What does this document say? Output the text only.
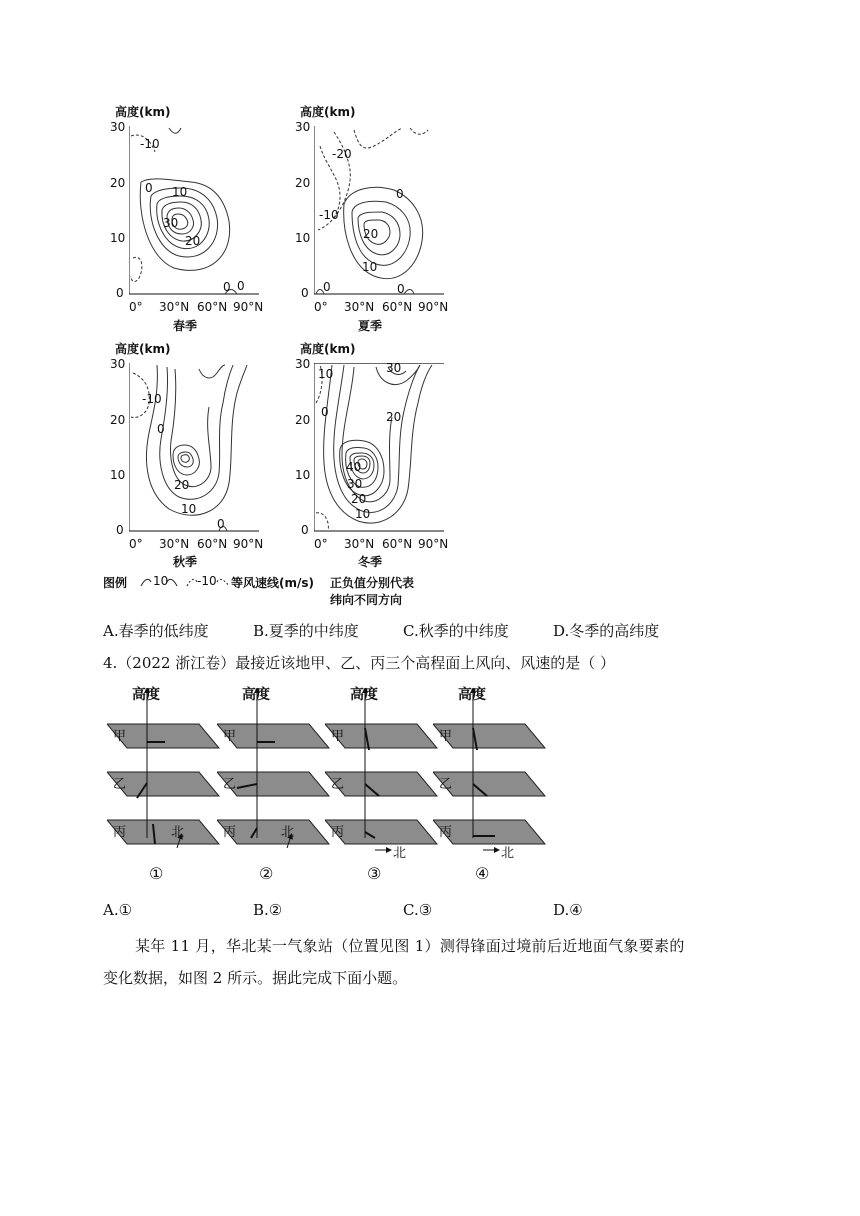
高度(km)
30
20
10
0
-10
0 10
30
20
0 0
0° 30°N 60°N 90°N
春季
高度(km)
30
20
10
0
-20
-10
0
20
10
0	0
0° 30°N 60°N 90°N
夏季
高度(km)
30
20
10
0
-10
0
20
10
0
0° 30°N 60°N 90°N
秋季
高度(km)
30
20
10
0
10	30
0	20
40
30
20
10
0° 30°N 60°N 90°N
冬季
图例 10 -10 等风速线(m/s) 正负值分别代表
纬向不同方向
A.春季的低纬度	B.夏季的中纬度	C.秋季的中纬度	D.冬季的高纬度
4.（2022 浙江卷）最接近该地甲、乙、丙三个高程面上风向、风速的是（ ）
高度
甲
乙
丙	北
①
高度
甲
乙
丙	北
②
高度
甲
乙
丙
北
③
高度
甲
乙
丙
北
④
A.①	B.②	C.③	D.④
某年 11 月，华北某一气象站（位置见图 1）测得锋面过境前后近地面气象要素的
变化数据，如图 2 所示。据此完成下面小题。
